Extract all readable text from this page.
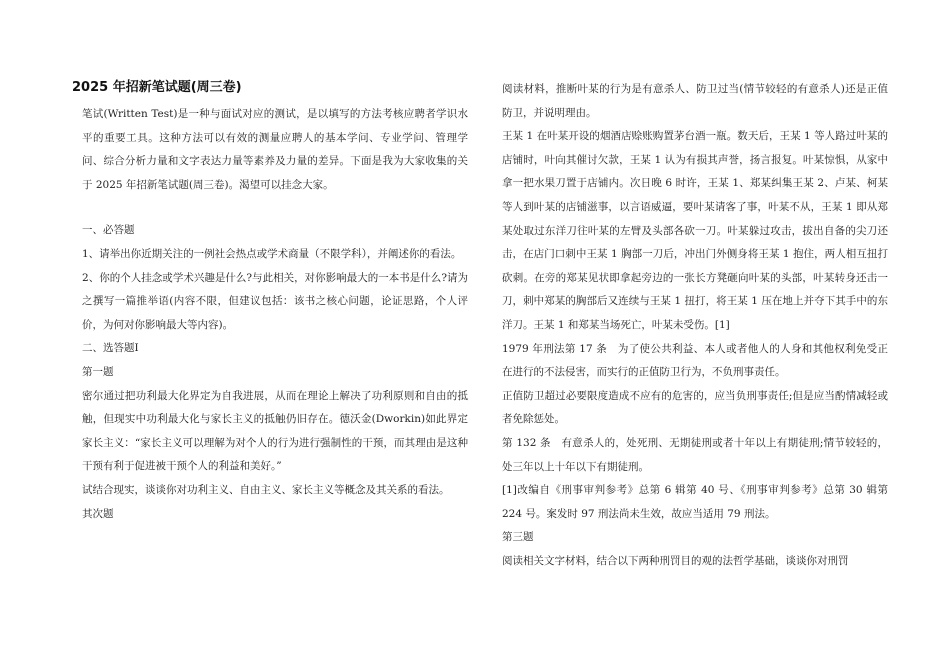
2025 年招新笔试题(周三卷)

笔试(Written Test)是一种与面试对应的测试，是以填写的方法考核应聘者学识水平的重要工具。这种方法可以有效的测量应聘人的基本学问、专业学问、管理学问、综合分析力量和文字表达力量等素养及力量的差异。下面是我为大家收集的关于 2025 年招新笔试题(周三卷)。渴望可以挂念大家。

一、必答题

1、请举出你近期关注的一例社会热点或学术商量（不限学科），并阐述你的看法。

2、你的个人挂念或学术兴趣是什么?与此相关，对你影响最大的一本书是什么?请为之撰写一篇推举语(内容不限，但建议包括：该书之核心问题，论证思路，个人评价，为何对你影响最大等内容)。

二、选答题Ⅰ

第一题

密尔通过把功利最大化界定为自我进展，从而在理论上解决了功利原则和自由的抵触，但现实中功利最大化与家长主义的抵触仍旧存在。德沃金(Dworkin)如此界定家长主义：“家长主义可以理解为对个人的行为进行强制性的干预，而其理由是这种干预有利于促进被干预个人的利益和美好。”

试结合现实，谈谈你对功利主义、自由主义、家长主义等概念及其关系的看法。

其次题

阅读材料，推断叶某的行为是有意杀人、防卫过当(情节较轻的有意杀人)还是正值防卫，并说明理由。

王某 1 在叶某开设的烟酒店赊账购置茅台酒一瓶。数天后，王某 1 等人路过叶某的店铺时，叶向其催讨欠款，王某 1 认为有损其声誉，扬言报复。叶某惊惧，从家中拿一把水果刀置于店铺内。次日晚 6 时许，王某 1、郑某纠集王某 2、卢某、柯某等人到叶某的店铺滋事，以言语威逼，要叶某请客了事，叶某不从，王某 1 即从郑某处取过东洋刀往叶某的左臂及头部各砍一刀。叶某躲过攻击，拔出自备的尖刀还击，在店门口刺中王某 1 胸部一刀后，冲出门外侧身将王某 1 抱住，两人相互扭打砍刺。在旁的郑某见状即拿起旁边的一张长方凳砸向叶某的头部，叶某转身还击一刀，刺中郑某的胸部后又连续与王某 1 扭打，将王某 1 压在地上并夺下其手中的东洋刀。王某 1 和郑某当场死亡，叶某未受伤。[1]

1979 年刑法第 17 条　为了使公共利益、本人或者他人的人身和其他权利免受正在进行的不法侵害，而实行的正值防卫行为，不负刑事责任。

正值防卫超过必要限度造成不应有的危害的，应当负刑事责任;但是应当酌情减轻或者免除惩处。

第 132 条　有意杀人的，处死刑、无期徒刑或者十年以上有期徒刑;情节较轻的，处三年以上十年以下有期徒刑。

[1]改编自《刑事审判参考》总第 6 辑第 40 号、《刑事审判参考》总第 30 辑第 224 号。案发时 97 刑法尚未生效，故应当适用 79 刑法。

第三题

阅读相关文字材料，结合以下两种刑罚目的观的法哲学基础，谈谈你对刑罚
